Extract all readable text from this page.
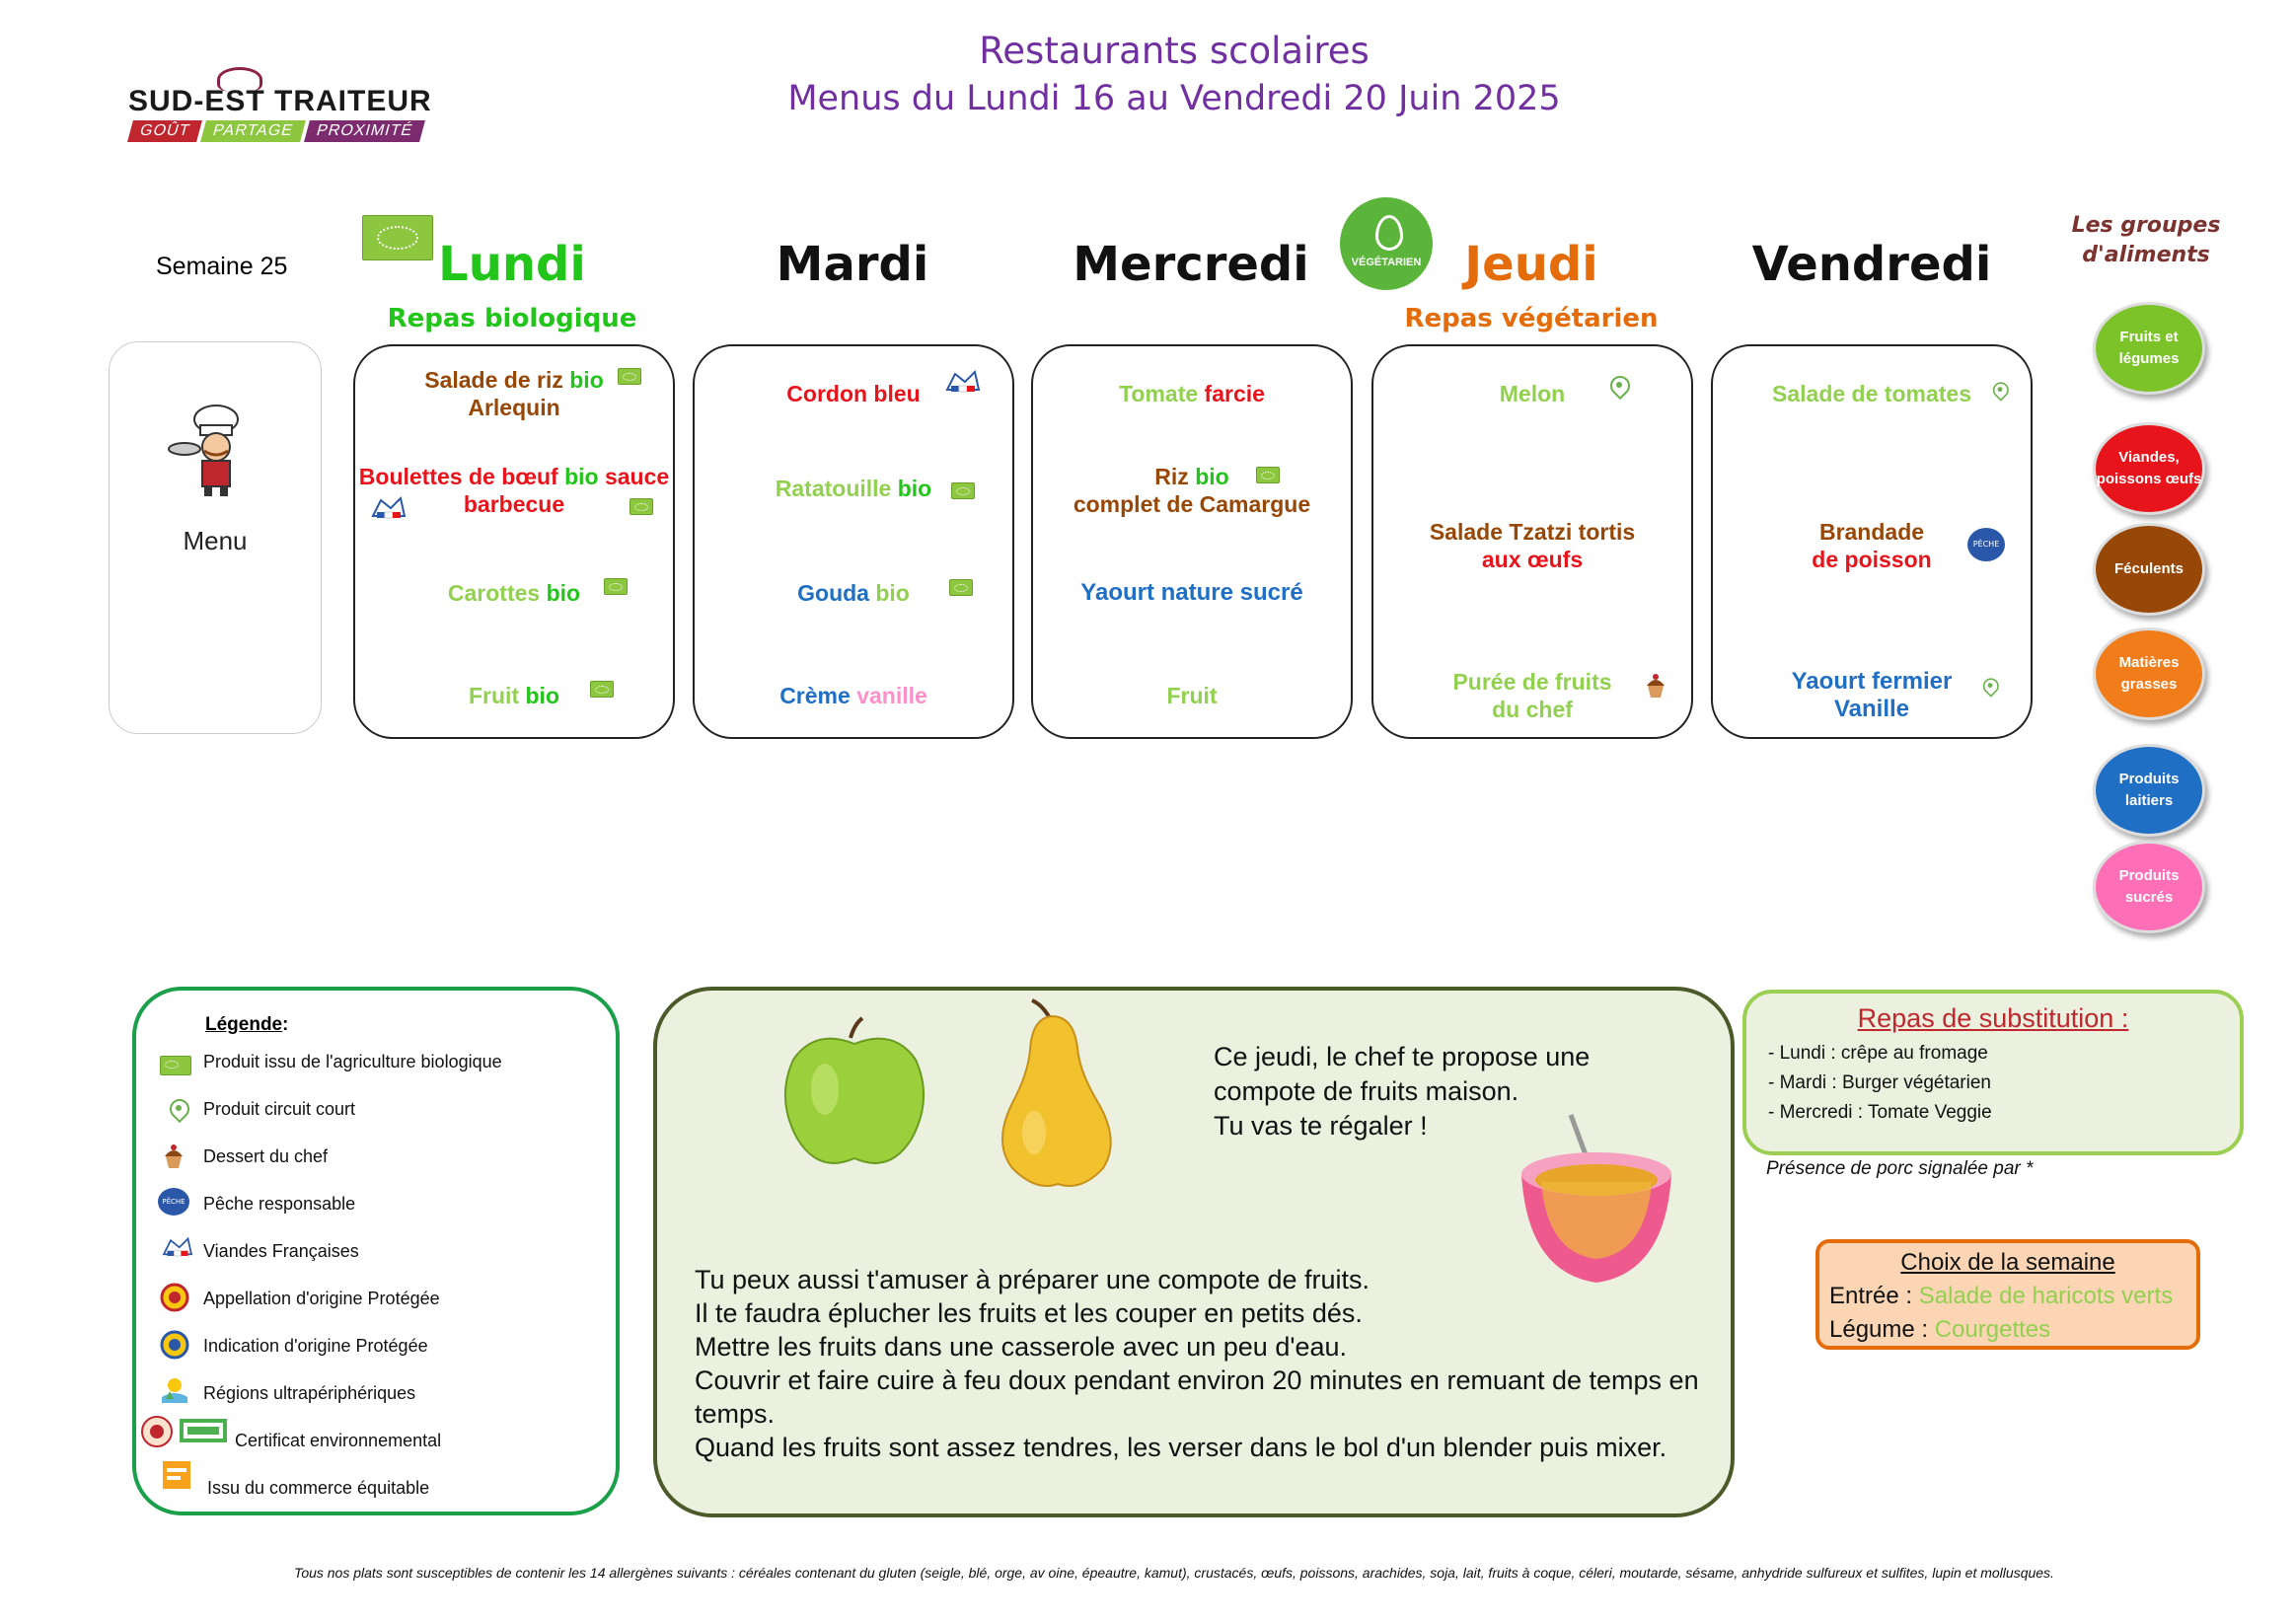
Restaurants scolaires
Menus du Lundi 16 au Vendredi 20 Juin 2025
SUD-EST TRAITEUR
GOÛT	PARTAGE	PROXIMITÉ
Semaine 25	VÉGÉTARIEN
Lundi	Mardi	Mercredi	Jeudi	Vendredi
Repas biologique	Repas végétarien
Menu
Salade de riz bio
Arlequin
Boulettes de bœuf bio sauce
barbecue
Carottes bio
Fruit bio
Cordon bleu
Ratatouille bio
Gouda bio
Crème vanille
Tomate farcie
Riz bio
complet de Camargue
Yaourt nature sucré
Fruit
Melon
Salade Tzatzi tortis
aux œufs
Purée de fruits
du chef
Salade de tomates
Brandade
de poisson
PÊCHE
Yaourt fermier
Vanille
Les groupes
d'aliments
Fruits et légumes
Viandes, poissons œufs
Féculents
Matières grasses
Produits laitiers
Produits sucrés
Légende :
Produit issu de l'agriculture biologique
Produit circuit court
Dessert du chef
PÊCHE Pêche responsable
Viandes Françaises
Appellation d'origine Protégée
Indication d'origine Protégée
Régions ultrapériphériques
Certificat environnemental
Issu du commerce équitable
Ce jeudi, le chef te propose une
compote de fruits maison.
Tu vas te régaler !
Tu peux aussi t'amuser à préparer une compote de fruits.
Il te faudra éplucher les fruits et les couper en petits dés.
Mettre les fruits dans une casserole avec un peu d'eau.
Couvrir et faire cuire à feu doux pendant environ 20 minutes en remuant de temps en temps.
Quand les fruits sont assez tendres, les verser dans le bol d'un blender puis mixer.
Repas de substitution :
- Lundi : crêpe au fromage
- Mardi : Burger végétarien
- Mercredi : Tomate Veggie
Présence de porc signalée par *
Choix de la semaine
Entrée : Salade de haricots verts
Légume : Courgettes
Tous nos plats sont susceptibles de contenir les 14 allergènes suivants : céréales contenant du gluten (seigle, blé, orge, av oine, épeautre, kamut), crustacés, œufs, poissons, arachides, soja, lait, fruits à coque, céleri, moutarde, sésame, anhydride sulfureux et sulfites, lupin et mollusques.
